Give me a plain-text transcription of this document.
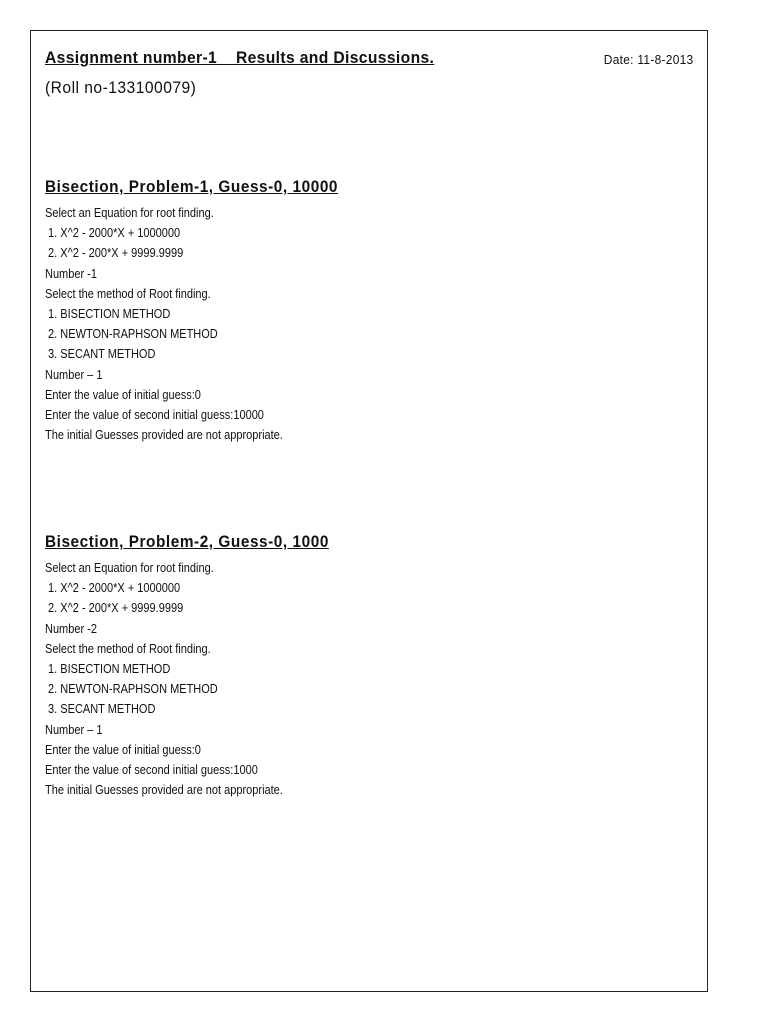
Assignment number-1    Results and Discussions.	Date: 11-8-2013
(Roll no-133100079)
Bisection, Problem-1, Guess-0, 10000
Select an Equation for root finding.
1. X^2 - 2000*X + 1000000
2. X^2 - 200*X + 9999.9999
Number -1
Select the method of Root finding.
1. BISECTION METHOD
2. NEWTON-RAPHSON METHOD
3. SECANT METHOD
Number – 1
Enter the value of initial guess:0
Enter the value of second initial guess:10000
The initial Guesses provided are not appropriate.
Bisection, Problem-2, Guess-0, 1000
Select an Equation for root finding.
1. X^2 - 2000*X + 1000000
2. X^2 - 200*X + 9999.9999
Number -2
Select the method of Root finding.
1. BISECTION METHOD
2. NEWTON-RAPHSON METHOD
3. SECANT METHOD
Number – 1
Enter the value of initial guess:0
Enter the value of second initial guess:1000
The initial Guesses provided are not appropriate.
